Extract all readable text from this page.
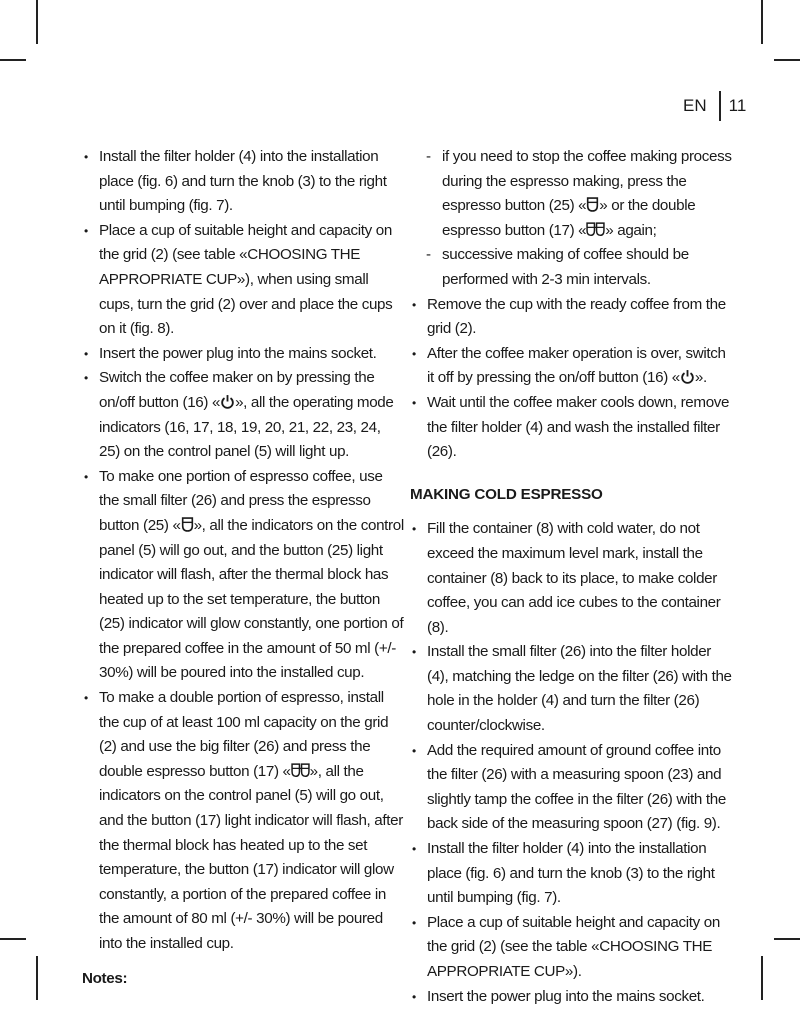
EN 11
• Install the filter holder (4) into the installation place (fig. 6) and turn the knob (3) to the right until bumping (fig. 7).
• Place a cup of suitable height and capacity on the grid (2) (see table «CHOOSING THE APPROPRIATE CUP»), when using small cups, turn the grid (2) over and place the cups on it (fig. 8).
• Insert the power plug into the mains socket.
• Switch the coffee maker on by pressing the on/off button (16) « », all the operating mode indicators (16, 17, 18, 19, 20, 21, 22, 23, 24, 25) on the control panel (5) will light up.
• To make one portion of espresso coffee, use the small filter (26) and press the espresso button (25) « », all the indicators on the control panel (5) will go out, and the button (25) light indicator will flash, after the thermal block has heated up to the set temperature, the button (25) indicator will glow constantly, one portion of the prepared coffee in the amount of 50 ml (+/- 30%) will be poured into the installed cup.
• To make a double portion of espresso, install the cup of at least 100 ml capacity on the grid (2) and use the big filter (26) and press the double espresso button (17) « », all the indicators on the control panel (5) will go out, and the button (17) light indicator will flash, after the thermal block has heated up to the set temperature, the button (17) indicator will glow constantly, a portion of the prepared coffee in the amount of 80 ml (+/- 30%) will be poured into the installed cup.
Notes:
- if you need to stop the coffee making process during the espresso making, press the espresso button (25) « » or the double espresso button (17) « » again;
- successive making of coffee should be performed with 2-3 min intervals.
• Remove the cup with the ready coffee from the grid (2).
• After the coffee maker operation is over, switch it off by pressing the on/off button (16) « ».
• Wait until the coffee maker cools down, remove the filter holder (4) and wash the installed filter (26).
MAKING COLD ESPRESSO
• Fill the container (8) with cold water, do not exceed the maximum level mark, install the container (8) back to its place, to make colder coffee, you can add ice cubes to the container (8).
• Install the small filter (26) into the filter holder (4), matching the ledge on the filter (26) with the hole in the holder (4) and turn the filter (26) counter/clockwise.
• Add the required amount of ground coffee into the filter (26) with a measuring spoon (23) and slightly tamp the coffee in the filter (26) with the back side of the measuring spoon (27) (fig. 9).
• Install the filter holder (4) into the installation place (fig. 6) and turn the knob (3) to the right until bumping (fig. 7).
• Place a cup of suitable height and capacity on the grid (2) (see the table «CHOOSING THE APPROPRIATE CUP»).
• Insert the power plug into the mains socket.
